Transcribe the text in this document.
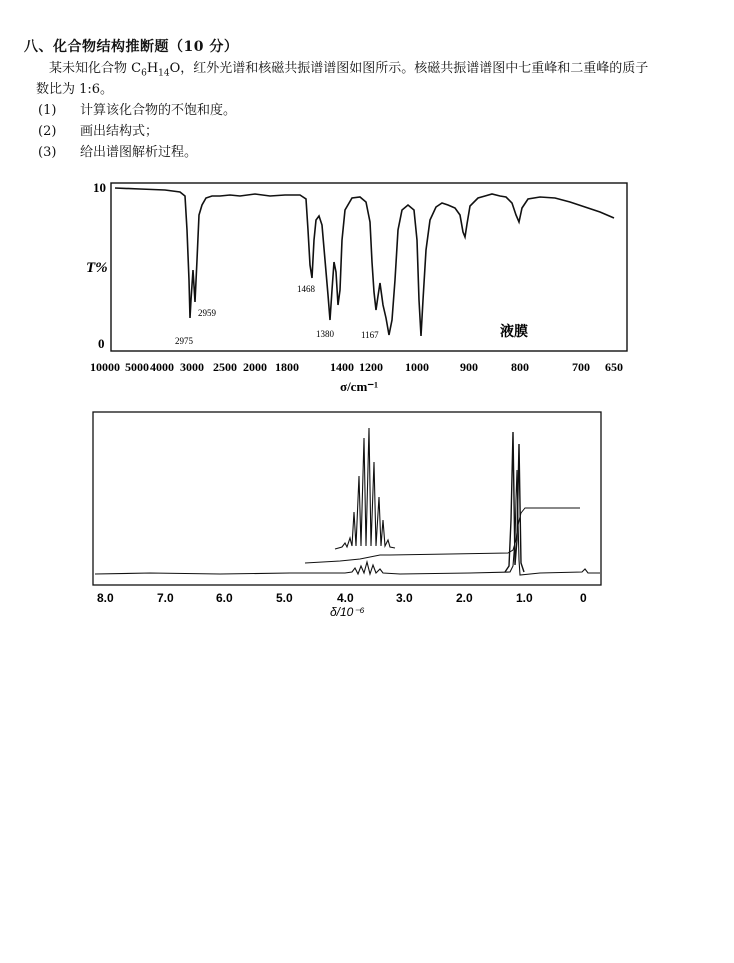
八、化合物结构推断题（10 分）
某未知化合物 $C_6H_{14}O$，红外光谱和核磁共振谱谱图如图所示。核磁共振谱谱图中七重峰和二重峰的质子
数比为 1:6。
(1) 计算该化合物的不饱和度。
(2) 画出结构式；
(3) 给出谱图解析过程。
10
0
T%
2975
2959
1468
1380	1167	液膜
10000 5000 4000 3000 2500 2000 1800	1400 1200 1000	900	800	700 650
σ/cm⁻¹
8.0	7.0	6.0	5.0	4.0	3.0	2.0	1.0	0
δ/10⁻⁶
